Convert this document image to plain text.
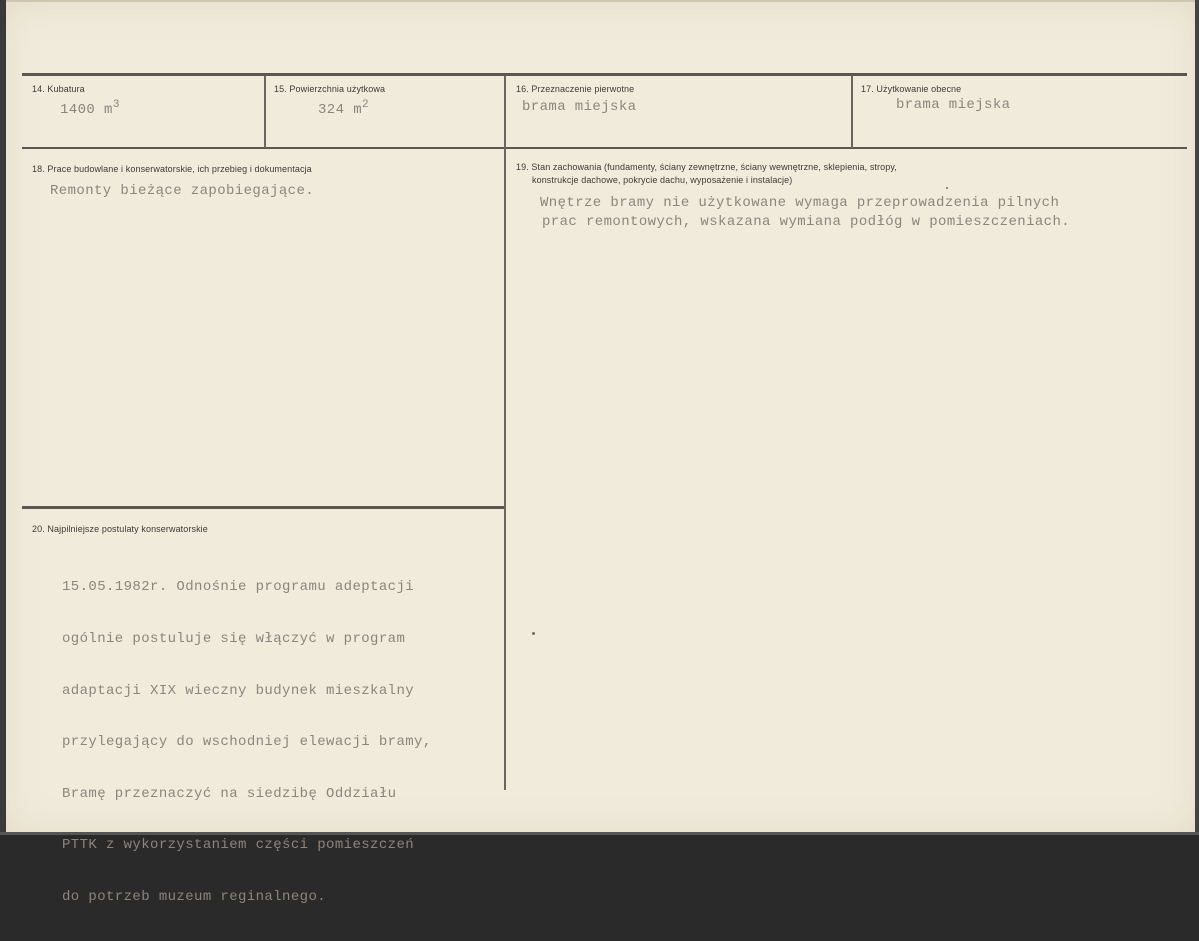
14. Kubatura
1400 $m^3$
15. Powierzchnia użytkowa
324 $m^2$
16. Przeznaczenie pierwotne
brama miejska
17. Użytkowanie obecne
brama miejska
18. Prace budowlane i konserwatorskie, ich przebieg i dokumentacja
Remonty bieżące zapobiegające.
19. Stan zachowania (fundamenty, ściany zewnętrzne, ściany wewnętrzne, sklepienia, stropy,
konstrukcje dachowe, pokrycie dachu, wyposażenie i instalacje)
Wnętrze bramy nie użytkowane wymaga przeprowadzenia pilnych
prac remontowych, wskazana wymiana podłóg w pomieszczeniach.
20. Najpilniejsze postulaty konserwatorskie

15.05.1982r. Odnośnie programu adeptacji

ogólnie postuluje się włączyć w program

adaptacji XIX wieczny budynek mieszkalny

przylegający do wschodniej elewacji bramy,

Bramę przeznaczyć na siedzibę Oddziału

PTTK z wykorzystaniem części pomieszczeń

do potrzeb muzeum reginalnego.
